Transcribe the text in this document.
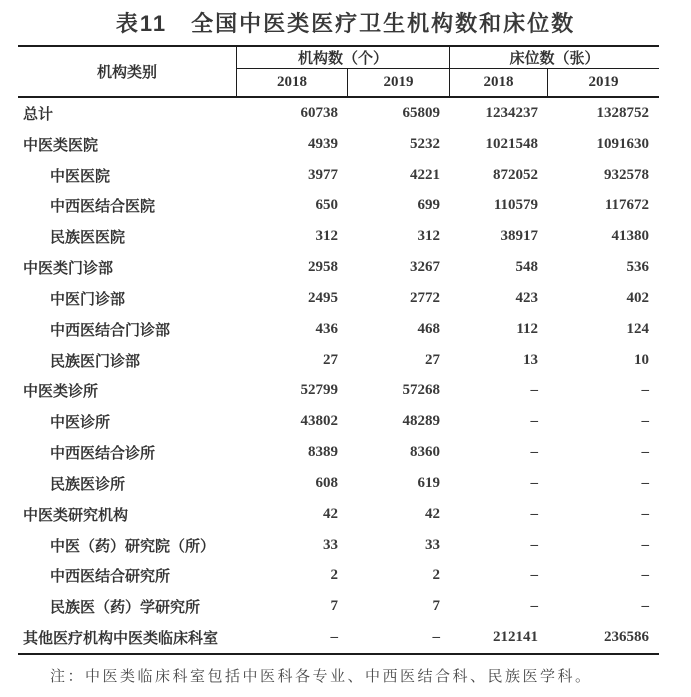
表11　全国中医类医疗卫生机构数和床位数
机构类别
机构数（个）	床位数（张）
2018	2019	2018	2019
总计	60738	65809	1234237	1328752
中医类医院	4939	5232	1021548	1091630
中医医院	3977	4221	872052	932578
中西医结合医院	650	699	110579	117672
民族医医院	312	312	38917	41380
中医类门诊部	2958	3267	548	536
中医门诊部	2495	2772	423	402
中西医结合门诊部	436	468	112	124
民族医门诊部	27	27	13	10
中医类诊所	52799	57268	–	–
中医诊所	43802	48289	–	–
中西医结合诊所	8389	8360	–	–
民族医诊所	608	619	–	–
中医类研究机构	42	42	–	–
中医（药）研究院（所）	33	33	–	–
中西医结合研究所	2	2	–	–
民族医（药）学研究所	7	7	–	–
其他医疗机构中医类临床科室	–	–	212141	236586
注：中医类临床科室包括中医科各专业、中西医结合科、民族医学科。
